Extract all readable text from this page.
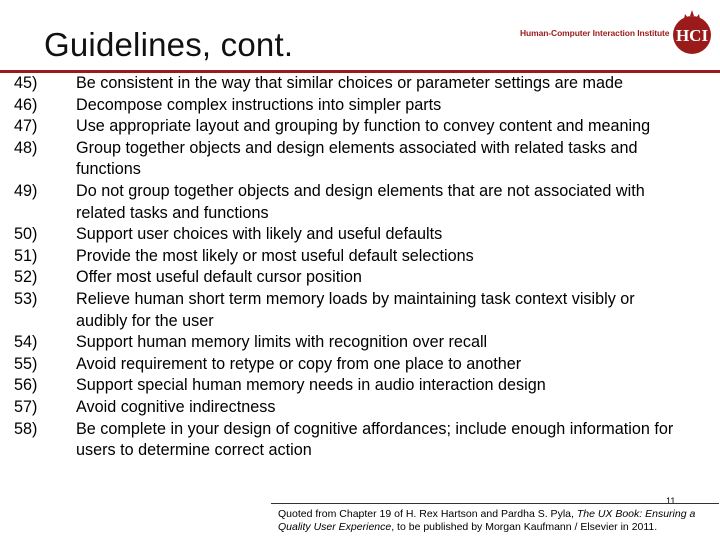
Guidelines, cont.	Human-Computer Interaction Institute HCI
45)	Be consistent in the way that similar choices or parameter settings are made
46)	Decompose complex instructions into simpler parts
47)	Use appropriate layout and grouping by function to convey content and meaning
48)	Group together objects and design elements associated with related tasks and functions
49)	Do not group together objects and design elements that are not associated with related tasks and functions
50)	Support user choices with likely and useful defaults
51)	Provide the most likely or most useful default selections
52)	Offer most useful default cursor position
53)	Relieve human short term memory loads by maintaining task context visibly or audibly for the user
54)	Support human memory limits with recognition over recall
55)	Avoid requirement to retype or copy from one place to another
56)	Support special human memory needs in audio interaction design
57)	Avoid cognitive indirectness
58)	Be complete in your design of cognitive affordances; include enough information for users to determine correct action
11
Quoted from Chapter 19 of H. Rex Hartson and Pardha S. Pyla, The UX Book: Ensuring a Quality User Experience, to be published by Morgan Kaufmann / Elsevier in 2011.
